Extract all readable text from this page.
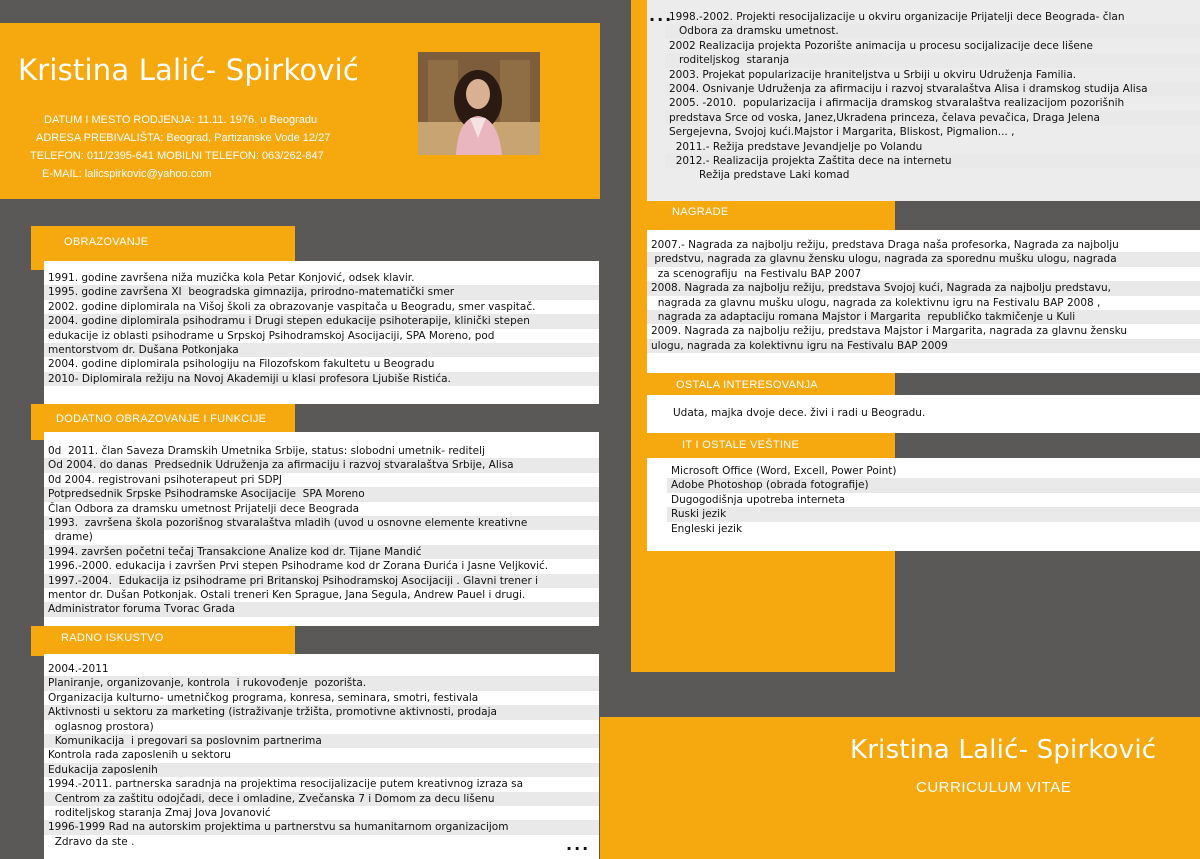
Kristina Lalić- Spirković
DATUM I MESTO RODJENJA: 11.11. 1976. u Beogradu
ADRESA PREBIVALIŠTA: Beograd, Partizanske Vode 12/27
TELEFON: 011/2395-641 MOBILNI TELEFON: 063/262-847
E-MAIL: lalicspirkovic@yahoo.com
OBRAZOVANJE
1991. godine završena niža muzička kola Petar Konjović, odsek klavir.
1995. godine završena XI  beogradska gimnazija, prirodno-matematički smer
2002. godine diplomirala na Višoj školi za obrazovanje vaspitača u Beogradu, smer vaspitač.
2004. godine diplomirala psihodramu i Drugi stepen edukacije psihoterapije, klinički stepen
edukacije iz oblasti psihodrame u Srpskoj Psihodramskoj Asocijaciji, SPA Moreno, pod
mentorstvom dr. Dušana Potkonjaka
2004. godine diplomirala psihologiju na Filozofskom fakultetu u Beogradu
2010- Diplomirala režiju na Novoj Akademiji u klasi profesora Ljubiše Ristića.
DODATNO OBRAZOVANJE I FUNKCIJE
0d  2011. član Saveza Dramskih Umetnika Srbije, status: slobodni umetnik- reditelj
Od 2004. do danas  Predsednik Udruženja za afirmaciju i razvoj stvaralaštva Srbije, Alisa
0d 2004. registrovani psihoterapeut pri SDPJ
Potpredsednik Srpske Psihodramske Asocijacije  SPA Moreno
Član Odbora za dramsku umetnost Prijatelji dece Beograda
1993.  završena škola pozorišnog stvaralaštva mladih (uvod u osnovne elemente kreativne
drame)
1994. završen početni tečaj Transakcione Analize kod dr. Tijane Mandić
1996.-2000. edukacija i završen Prvi stepen Psihodrame kod dr Zorana Đurića i Jasne Veljković.
1997.-2004.  Edukacija iz psihodrame pri Britanskoj Psihodramskoj Asocijaciji . Glavni trener i
mentor dr. Dušan Potkonjak. Ostali treneri Ken Sprague, Jana Segula, Andrew Pauel i drugi.
Administrator foruma Tvorac Grada
RADNO ISKUSTVO
2004.-2011
Planiranje, organizovanje, kontrola  i rukovođenje  pozorišta.
Organizacija kulturno- umetničkog programa, konresa, seminara, smotri, festivala
Aktivnosti u sektoru za marketing (istraživanje tržišta, promotivne aktivnosti, prodaja
oglasnog prostora)
Komunikacija  i pregovari sa poslovnim partnerima
Kontrola rada zaposlenih u sektoru
Edukacija zaposlenih
1994.-2011. partnerska saradnja na projektima resocijalizacije putem kreativnog izraza sa
Centrom za zaštitu odojčadi, dece i omladine, Zvečanska 7 i Domom za decu lišenu
roditeljskog staranja Zmaj Jova Jovanović
1996-1999 Rad na autorskim projektima u partnerstvu sa humanitarnom organizacijom
Zdravo da ste .	...
...
1998.-2002. Projekti resocijalizacije u okviru organizacije Prijatelji dece Beograda- član
Odbora za dramsku umetnost.
2002 Realizacija projekta Pozorište animacija u procesu socijalizacije dece lišene
roditeljskog  staranja
2003. Projekat popularizacije hraniteljstva u Srbiji u okviru Udruženja Familia.
2004. Osnivanje Udruženja za afirmaciju i razvoj stvaralaštva Alisa i dramskog studija Alisa
2005. -2010.  popularizacija i afirmacija dramskog stvaralaštva realizacijom pozorišnih
predstava Srce od voska, Janez,Ukradena princeza, čelava pevačica, Draga Jelena
Sergejevna, Svojoj kući.Majstor i Margarita, Bliskost, Pigmalion... ,
2011.- Režija predstave Jevandjelje po Volandu
2012.- Realizacija projekta Zaštita dece na internetu
Režija predstave Laki komad
NAGRADE
2007.- Nagrada za najbolju režiju, predstava Draga naša profesorka, Nagrada za najbolju
predstvu, nagrada za glavnu žensku ulogu, nagrada za sporednu mušku ulogu, nagrada
za scenografiju  na Festivalu BAP 2007
2008. Nagrada za najbolju režiju, predstava Svojoj kući, Nagrada za najbolju predstavu,
nagrada za glavnu mušku ulogu, nagrada za kolektivnu igru na Festivalu BAP 2008 ,
nagrada za adaptaciju romana Majstor i Margarita  republičko takmičenje u Kuli
2009. Nagrada za najbolju režiju, predstava Majstor i Margarita, nagrada za glavnu žensku
ulogu, nagrada za kolektivnu igru na Festivalu BAP 2009
OSTALA INTERESOVANJA
Udata, majka dvoje dece. živi i radi u Beogradu.
IT I OSTALE VEŠTINE
Microsoft Office (Word, Excell, Power Point)
Adobe Photoshop (obrada fotografije)
Dugogodišnja upotreba interneta
Ruski jezik
Engleski jezik
Kristina Lalić- Spirković
CURRICULUM VITAE
